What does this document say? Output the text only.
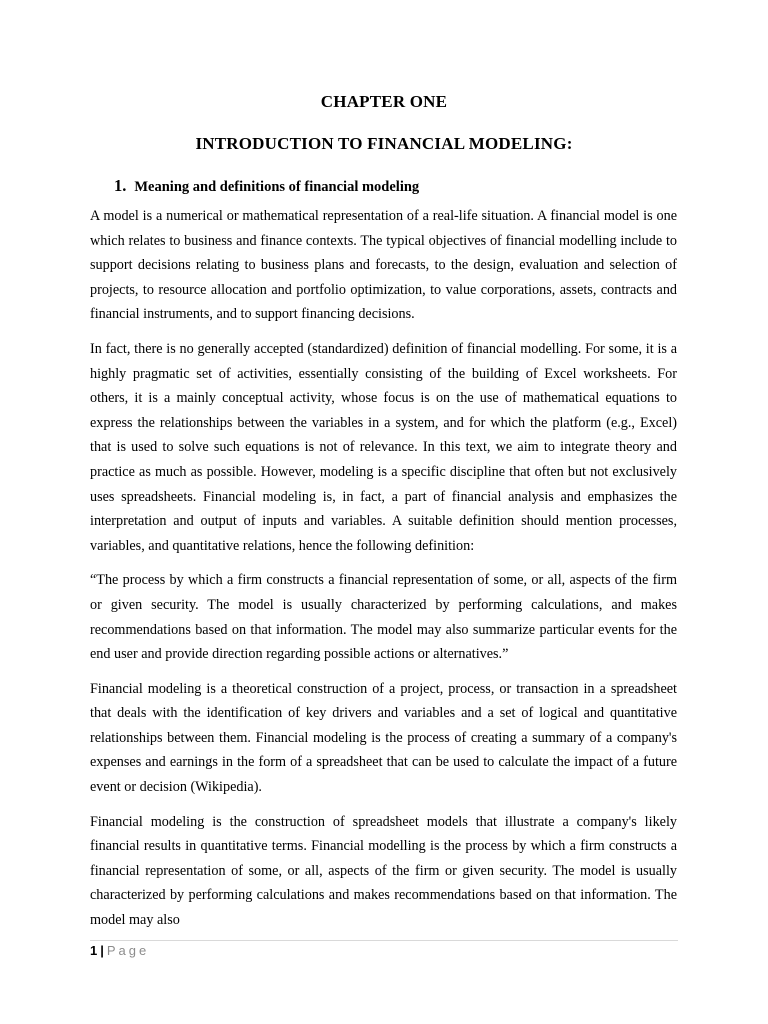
CHAPTER ONE
INTRODUCTION TO FINANCIAL MODELING:
1. Meaning and definitions of financial modeling

A model is a numerical or mathematical representation of a real-life situation. A financial model is one which relates to business and finance contexts. The typical objectives of financial modelling include to support decisions relating to business plans and forecasts, to the design, evaluation and selection of projects, to resource allocation and portfolio optimization, to value corporations, assets, contracts and financial instruments, and to support financing decisions.

In fact, there is no generally accepted (standardized) definition of financial modelling. For some, it is a highly pragmatic set of activities, essentially consisting of the building of Excel worksheets. For others, it is a mainly conceptual activity, whose focus is on the use of mathematical equations to express the relationships between the variables in a system, and for which the platform (e.g., Excel) that is used to solve such equations is not of relevance. In this text, we aim to integrate theory and practice as much as possible. However, modeling is a specific discipline that often but not exclusively uses spreadsheets. Financial modeling is, in fact, a part of financial analysis and emphasizes the interpretation and output of inputs and variables. A suitable definition should mention processes, variables, and quantitative relations, hence the following definition:

“The process by which a firm constructs a financial representation of some, or all, aspects of the firm or given security. The model is usually characterized by performing calculations, and makes recommendations based on that information. The model may also summarize particular events for the end user and provide direction regarding possible actions or alternatives.”

Financial modeling is a theoretical construction of a project, process, or transaction in a spreadsheet that deals with the identification of key drivers and variables and a set of logical and quantitative relationships between them. Financial modeling is the process of creating a summary of a company's expenses and earnings in the form of a spreadsheet that can be used to calculate the impact of a future event or decision (Wikipedia).

Financial modeling is the construction of spreadsheet models that illustrate a company's likely financial results in quantitative terms. Financial modelling is the process by which a firm constructs a financial representation of some, or all, aspects of the firm or given security. The model is usually characterized by performing calculations and makes recommendations based on that information. The model may also

1 | Page
